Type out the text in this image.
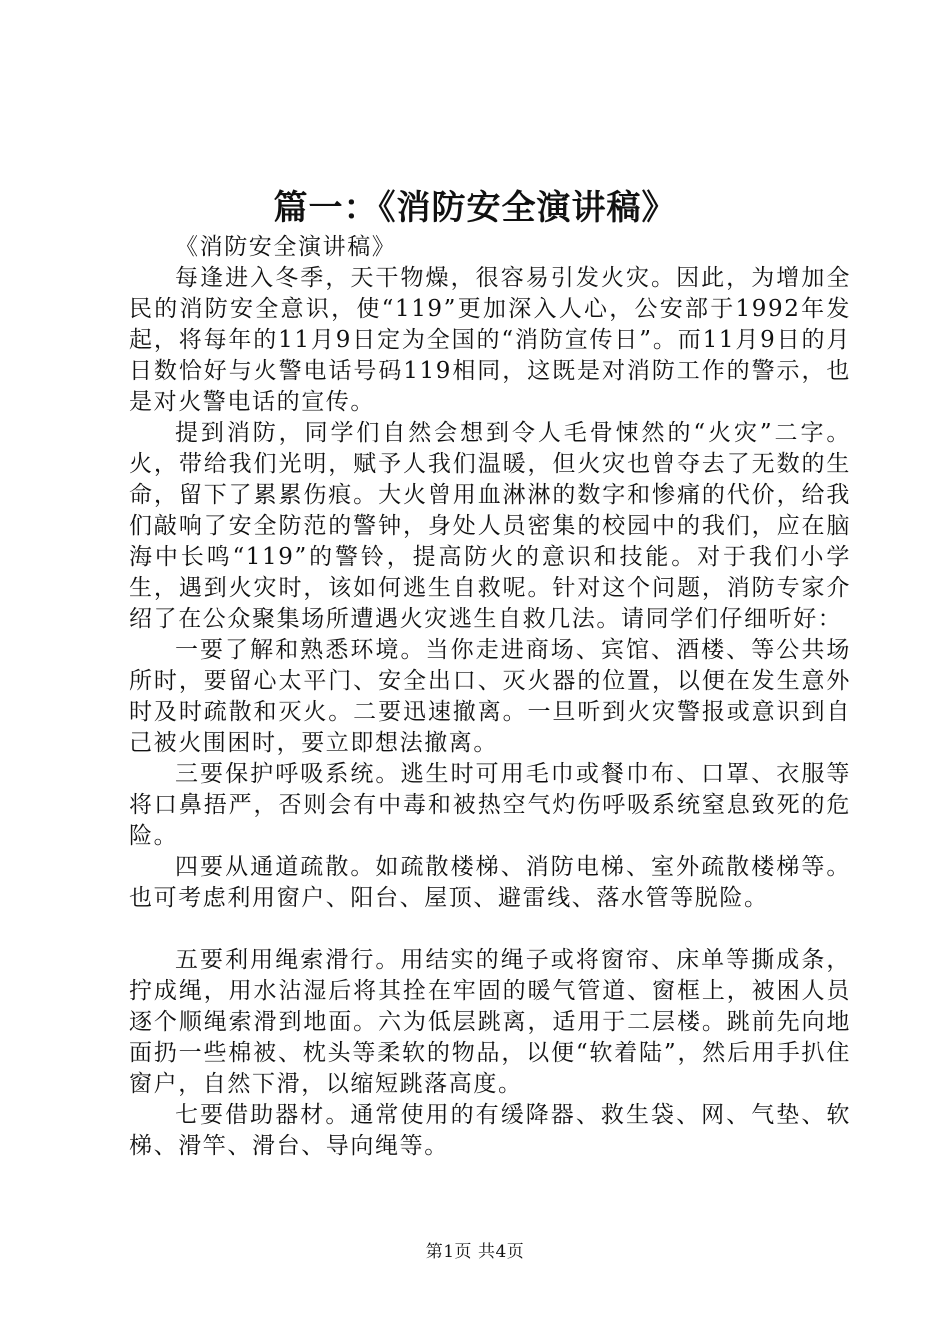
篇一：《消防安全演讲稿》

《消防安全演讲稿》

每逢进入冬季，天干物燥，很容易引发火灾。因此，为增加全民的消防安全意识，使“119”更加深入人心，公安部于1992年发起，将每年的11月9日定为全国的“消防宣传日”。而11月9日的月日数恰好与火警电话号码119相同，这既是对消防工作的警示，也是对火警电话的宣传。

提到消防，同学们自然会想到令人毛骨悚然的“火灾”二字。火，带给我们光明，赋予人我们温暖，但火灾也曾夺去了无数的生命，留下了累累伤痕。大火曾用血淋淋的数字和惨痛的代价，给我们敲响了安全防范的警钟，身处人员密集的校园中的我们，应在脑海中长鸣“119”的警铃，提高防火的意识和技能。对于我们小学生，遇到火灾时，该如何逃生自救呢。针对这个问题，消防专家介绍了在公众聚集场所遭遇火灾逃生自救几法。请同学们仔细听好：

一要了解和熟悉环境。当你走进商场、宾馆、酒楼、等公共场所时，要留心太平门、安全出口、灭火器的位置，以便在发生意外时及时疏散和灭火。二要迅速撤离。一旦听到火灾警报或意识到自己被火围困时，要立即想法撤离。

三要保护呼吸系统。逃生时可用毛巾或餐巾布、口罩、衣服等将口鼻捂严，否则会有中毒和被热空气灼伤呼吸系统窒息致死的危险。

四要从通道疏散。如疏散楼梯、消防电梯、室外疏散楼梯等。也可考虑利用窗户、阳台、屋顶、避雷线、落水管等脱险。

五要利用绳索滑行。用结实的绳子或将窗帘、床单等撕成条，拧成绳，用水沾湿后将其拴在牢固的暖气管道、窗框上，被困人员逐个顺绳索滑到地面。六为低层跳离，适用于二层楼。跳前先向地面扔一些棉被、枕头等柔软的物品，以便“软着陆”，然后用手扒住窗户，自然下滑，以缩短跳落高度。

七要借助器材。通常使用的有缓降器、救生袋、网、气垫、软梯、滑竿、滑台、导向绳等。

第1页 共4页
